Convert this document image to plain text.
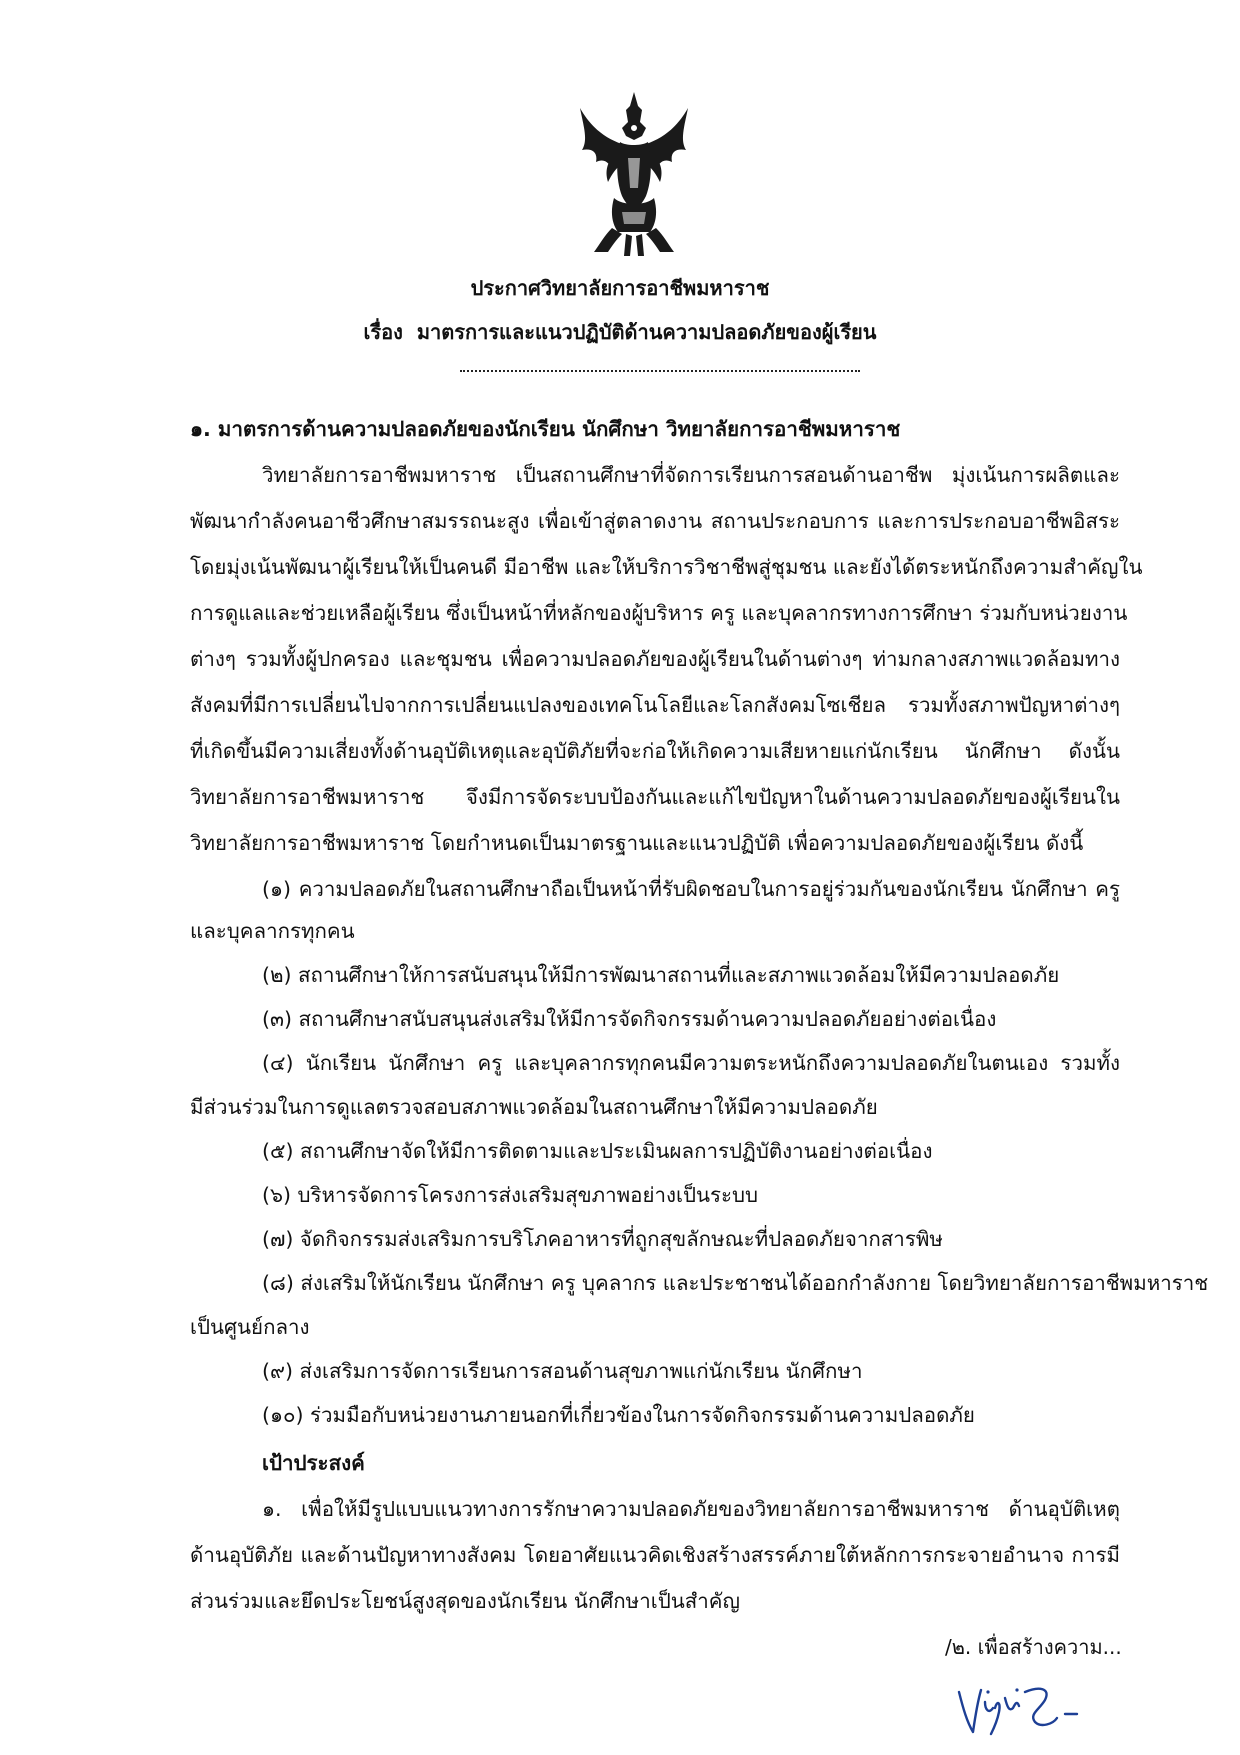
ประกาศวิทยาลัยการอาชีพมหาราช
เรื่อง มาตรการและแนวปฏิบัติด้านความปลอดภัยของผู้เรียน
๑. มาตรการด้านความปลอดภัยของนักเรียน นักศึกษา วิทยาลัยการอาชีพมหาราช
วิทยาลัยการอาชีพมหาราช เป็นสถานศึกษาที่จัดการเรียนการสอนด้านอาชีพ มุ่งเน้นการผลิตและ
พัฒนากำลังคนอาชีวศึกษาสมรรถนะสูง เพื่อเข้าสู่ตลาดงาน สถานประกอบการ และการประกอบอาชีพอิสระ
โดยมุ่งเน้นพัฒนาผู้เรียนให้เป็นคนดี มีอาชีพ และให้บริการวิชาชีพสู่ชุมชน และยังได้ตระหนักถึงความสำคัญใน
การดูแลและช่วยเหลือผู้เรียน ซึ่งเป็นหน้าที่หลักของผู้บริหาร ครู และบุคลากรทางการศึกษา ร่วมกับหน่วยงาน
ต่างๆ รวมทั้งผู้ปกครอง และชุมชน เพื่อความปลอดภัยของผู้เรียนในด้านต่างๆ ท่ามกลางสภาพแวดล้อมทาง
สังคมที่มีการเปลี่ยนไปจากการเปลี่ยนแปลงของเทคโนโลยีและโลกสังคมโซเชียล รวมทั้งสภาพปัญหาต่างๆ
ที่เกิดขึ้นมีความเสี่ยงทั้งด้านอุบัติเหตุและอุบัติภัยที่จะก่อให้เกิดความเสียหายแก่นักเรียน นักศึกษา ดังนั้น
วิทยาลัยการอาชีพมหาราช จึงมีการจัดระบบป้องกันและแก้ไขปัญหาในด้านความปลอดภัยของผู้เรียนใน
วิทยาลัยการอาชีพมหาราช โดยกำหนดเป็นมาตรฐานและแนวปฏิบัติ เพื่อความปลอดภัยของผู้เรียน ดังนี้
(๑) ความปลอดภัยในสถานศึกษาถือเป็นหน้าที่รับผิดชอบในการอยู่ร่วมกันของนักเรียน นักศึกษา ครู
และบุคลากรทุกคน
(๒) สถานศึกษาให้การสนับสนุนให้มีการพัฒนาสถานที่และสภาพแวดล้อมให้มีความปลอดภัย
(๓) สถานศึกษาสนับสนุนส่งเสริมให้มีการจัดกิจกรรมด้านความปลอดภัยอย่างต่อเนื่อง
(๔) นักเรียน นักศึกษา ครู และบุคลากรทุกคนมีความตระหนักถึงความปลอดภัยในตนเอง รวมทั้ง
มีส่วนร่วมในการดูแลตรวจสอบสภาพแวดล้อมในสถานศึกษาให้มีความปลอดภัย
(๕) สถานศึกษาจัดให้มีการติดตามและประเมินผลการปฏิบัติงานอย่างต่อเนื่อง
(๖) บริหารจัดการโครงการส่งเสริมสุขภาพอย่างเป็นระบบ
(๗) จัดกิจกรรมส่งเสริมการบริโภคอาหารที่ถูกสุขลักษณะที่ปลอดภัยจากสารพิษ
(๘) ส่งเสริมให้นักเรียน นักศึกษา ครู บุคลากร และประชาชนได้ออกกำลังกาย โดยวิทยาลัยการอาชีพมหาราช
เป็นศูนย์กลาง
(๙) ส่งเสริมการจัดการเรียนการสอนด้านสุขภาพแก่นักเรียน นักศึกษา
(๑๐) ร่วมมือกับหน่วยงานภายนอกที่เกี่ยวข้องในการจัดกิจกรรมด้านความปลอดภัย
เป้าประสงค์
๑. เพื่อให้มีรูปแบบแนวทางการรักษาความปลอดภัยของวิทยาลัยการอาชีพมหาราช ด้านอุบัติเหตุ
ด้านอุบัติภัย และด้านปัญหาทางสังคม โดยอาศัยแนวคิดเชิงสร้างสรรค์ภายใต้หลักการกระจายอำนาจ การมี
ส่วนร่วมและยึดประโยชน์สูงสุดของนักเรียน นักศึกษาเป็นสำคัญ
/๒. เพื่อสร้างความ...
